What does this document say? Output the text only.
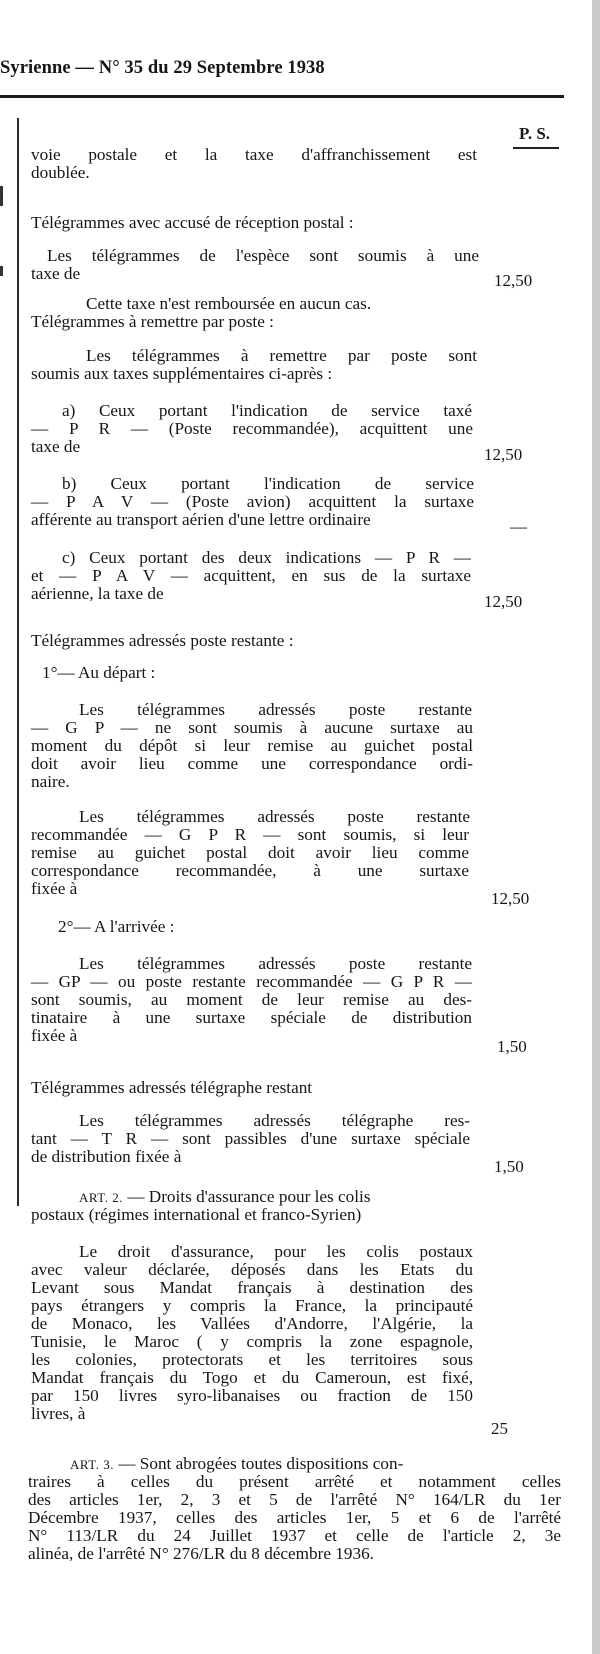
Syrienne — N° 35 du 29 Septembre 1938
P. S.
voie postale et la taxe d'affranchissement est
doublée.
Télégrammes avec accusé de réception postal :
Les télégrammes de l'espèce sont soumis à une
taxe de	12,50
Cette taxe n'est remboursée en aucun cas.
Télégrammes à remettre par poste :
Les télégrammes à remettre par poste sont
soumis aux taxes supplémentaires ci-après :
a) Ceux portant l'indication de service taxé
— P R — (Poste recommandée), acquittent une
taxe de	12,50
b) Ceux portant l'indication de service
— P A V — (Poste avion) acquittent la surtaxe
afférente au transport aérien d'une lettre ordinaire	—
c) Ceux portant des deux indications — P R —
et — P A V — acquittent, en sus de la surtaxe
aérienne, la taxe de	12,50
Télégrammes adressés poste restante :
1°— Au départ :
Les télégrammes adressés poste restante
— G P — ne sont soumis à aucune surtaxe au
moment du dépôt si leur remise au guichet postal
doit avoir lieu comme une correspondance ordi-
naire.
Les télégrammes adressés poste restante
recommandée — G P R — sont soumis, si leur
remise au guichet postal doit avoir lieu comme
correspondance recommandée, à une surtaxe
fixée à
12,50
2°— A l'arrivée :
Les télégrammes adressés poste restante
— GP — ou poste restante recommandée — G P R —
sont soumis, au moment de leur remise au des-
tinataire à une surtaxe spéciale de distribution
fixée à
1,50
Télégrammes adressés télégraphe restant
Les télégrammes adressés télégraphe res-
tant — T R — sont passibles d'une surtaxe spéciale
de distribution fixée à
1,50
ART. 2. — Droits d'assurance pour les colis
postaux (régimes international et franco-Syrien)
Le droit d'assurance, pour les colis postaux
avec valeur déclarée, déposés dans les Etats du
Levant sous Mandat français à destination des
pays étrangers y compris la France, la principauté
de Monaco, les Vallées d'Andorre, l'Algérie, la
Tunisie, le Maroc ( y compris la zone espagnole,
les colonies, protectorats et les territoires sous
Mandat français du Togo et du Cameroun, est fixé,
par 150 livres syro-libanaises ou fraction de 150
livres, à
25
ART. 3. — Sont abrogées toutes dispositions con-
traires à celles du présent arrêté et notamment celles
des articles 1er, 2, 3 et 5 de l'arrêté N° 164/LR du 1er
Décembre 1937, celles des articles 1er, 5 et 6 de l'arrêté
N° 113/LR du 24 Juillet 1937 et celle de l'article 2, 3e
alinéa, de l'arrêté N° 276/LR du 8 décembre 1936.
